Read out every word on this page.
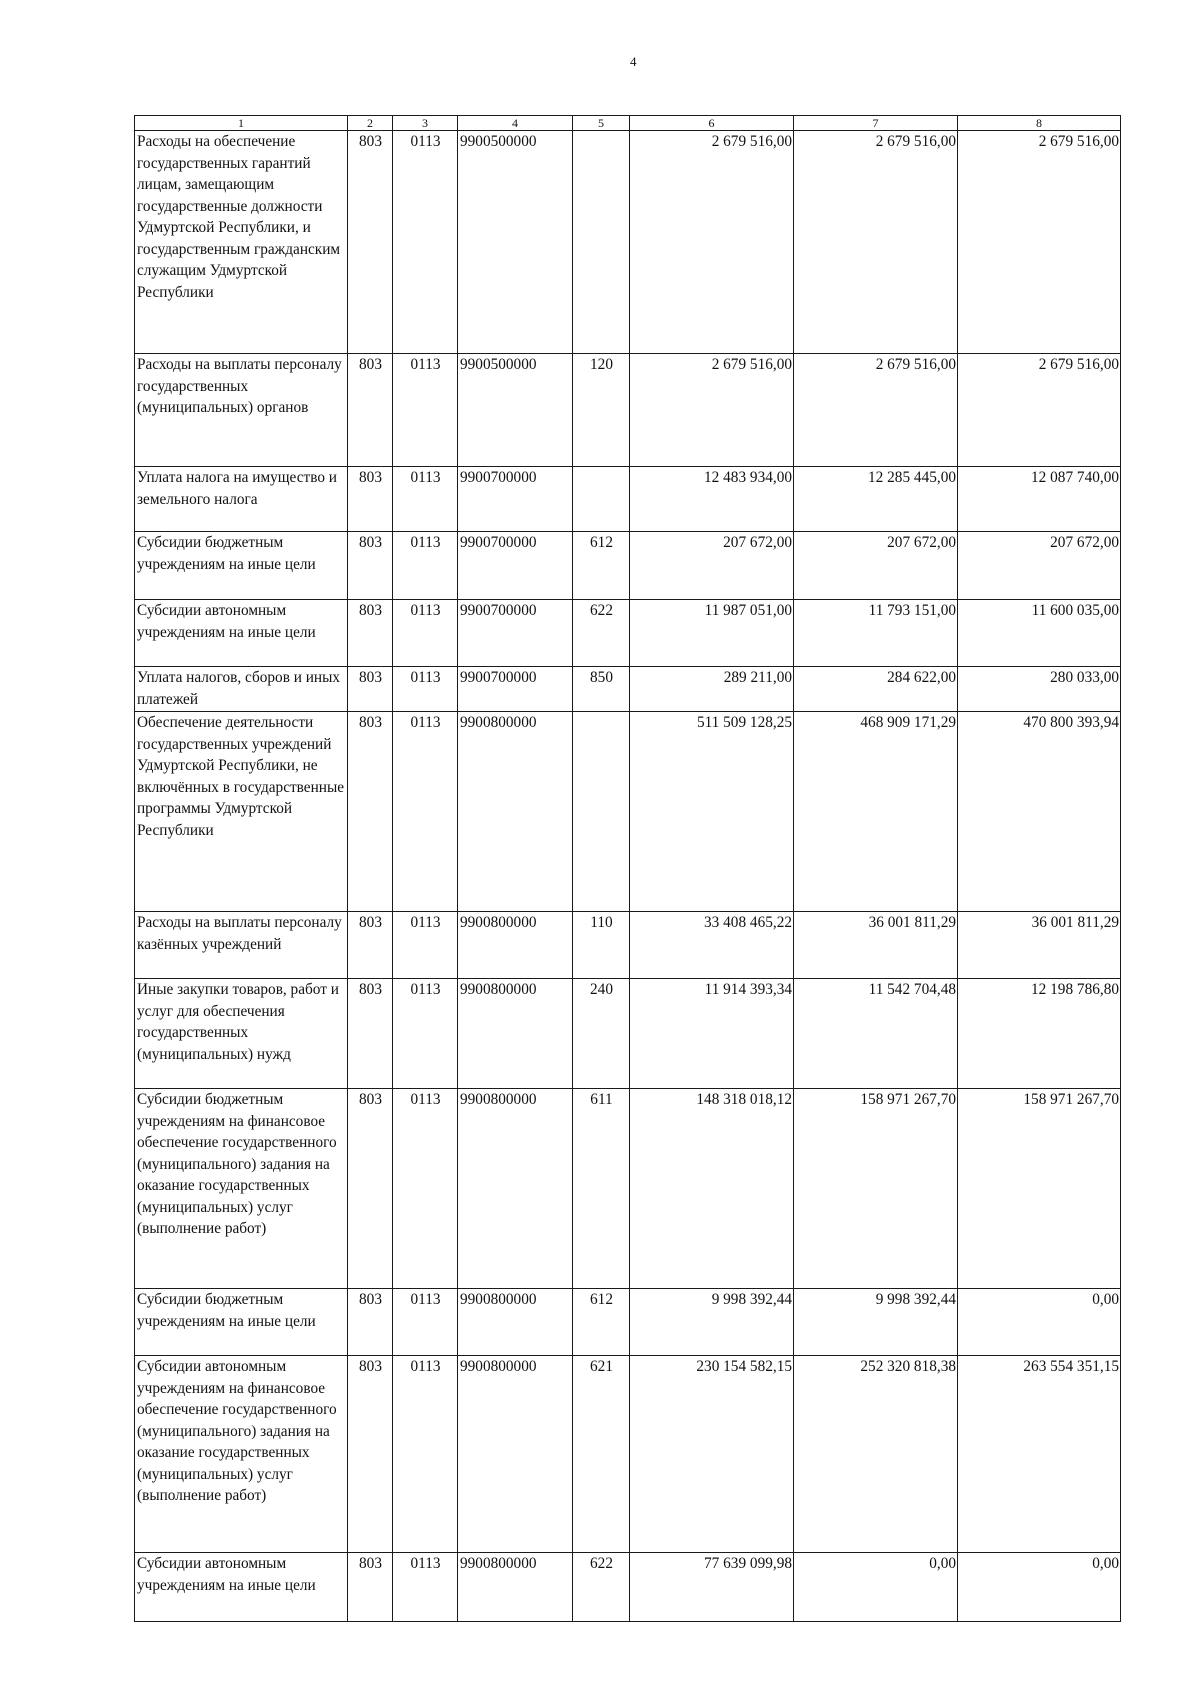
4
1	2	3	4	5	6	7	8
Расходы на обеспечение государственных гарантий лицам, замещающим государственные должности Удмуртской Республики, и государственным гражданским служащим Удмуртской Республики	803	0113	9900500000		2 679 516,00	2 679 516,00	2 679 516,00
Расходы на выплаты персоналу государственных (муниципальных) органов	803	0113	9900500000	120	2 679 516,00	2 679 516,00	2 679 516,00
Уплата налога на имущество и земельного налога	803	0113	9900700000		12 483 934,00	12 285 445,00	12 087 740,00
Субсидии бюджетным учреждениям на иные цели	803	0113	9900700000	612	207 672,00	207 672,00	207 672,00
Субсидии автономным учреждениям на иные цели	803	0113	9900700000	622	11 987 051,00	11 793 151,00	11 600 035,00
Уплата налогов, сборов и иных платежей	803	0113	9900700000	850	289 211,00	284 622,00	280 033,00
Обеспечение деятельности государственных учреждений Удмуртской Республики, не включённых в государственные программы Удмуртской Республики	803	0113	9900800000		511 509 128,25	468 909 171,29	470 800 393,94
Расходы на выплаты персоналу казённых учреждений	803	0113	9900800000	110	33 408 465,22	36 001 811,29	36 001 811,29
Иные закупки товаров, работ и услуг для обеспечения государственных (муниципальных) нужд	803	0113	9900800000	240	11 914 393,34	11 542 704,48	12 198 786,80
Субсидии бюджетным учреждениям на финансовое обеспечение государственного (муниципального) задания на оказание государственных (муниципальных) услуг (выполнение работ)	803	0113	9900800000	611	148 318 018,12	158 971 267,70	158 971 267,70
Субсидии бюджетным учреждениям на иные цели	803	0113	9900800000	612	9 998 392,44	9 998 392,44	0,00
Субсидии автономным учреждениям на финансовое обеспечение государственного (муниципального) задания на оказание государственных (муниципальных) услуг (выполнение работ)	803	0113	9900800000	621	230 154 582,15	252 320 818,38	263 554 351,15
Субсидии автономным учреждениям на иные цели	803	0113	9900800000	622	77 639 099,98	0,00	0,00
